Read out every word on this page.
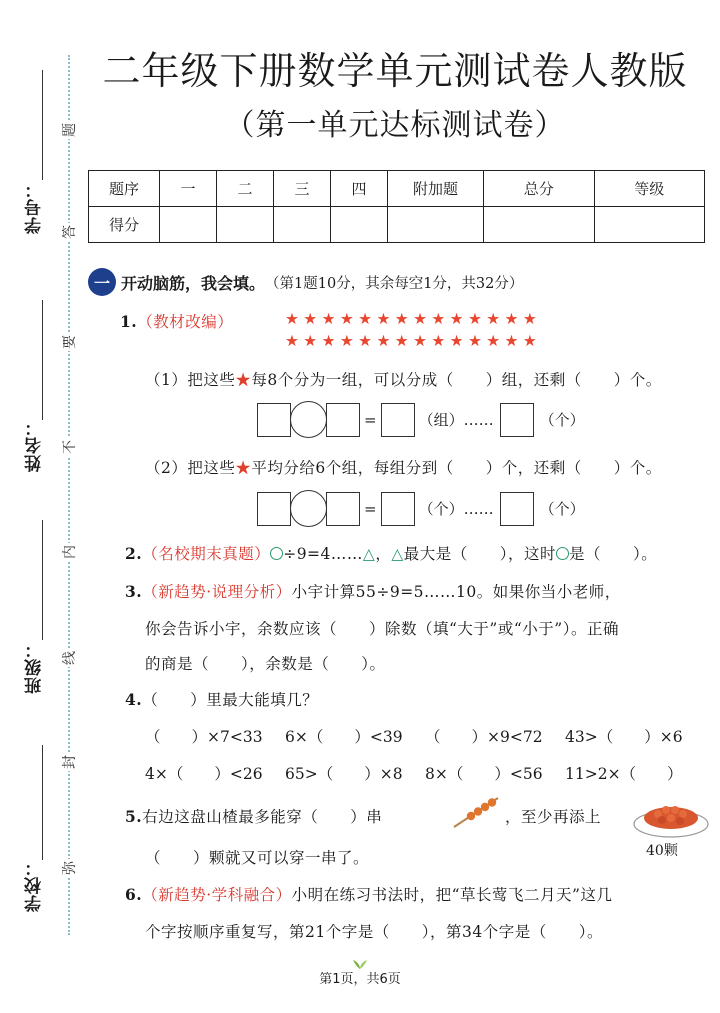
学号：
姓名：
班级：
学校：
题
答
要
不
内
线
封
弥
二年级下册数学单元测试卷人教版
（第一单元达标测试卷）
题序	一	二	三	四	附加题	总分	等级
得分							
一 开动脑筋，我会填。 （第1题10分，其余每空1分，共32分）
1.（教材改编）	★★★★★★★★★★★★★★
★★★★★★★★★★★★★★
（1）把这些★每8个分为一组，可以分成（　　）组，还剩（　　）个。
=	（组）……	（个）
（2）把这些★平均分给6个组，每组分到（　　）个，还剩（　　）个。
=	（个）……	（个）
2.（名校期末真题） ÷9=4……△，△最大是（　　），这时 是（　　）。
3.（新趋势·说理分析）小宇计算55÷9=5……10。如果你当小老师，
你会告诉小宇，余数应该（　　）除数（填“大于”或“小于”）。正确
的商是（　　），余数是（　　）。
4.（　　）里最大能填几？
（　　）×7<33	6×（　　）<39	（　　）×9<72	43>（　　）×6
4×（　　）<26	65>（　　）×8	8×（　　）<56	11>2×（　　）
5.右边这盘山楂最多能穿（　　）串	，至少再添上
（　　）颗就又可以穿一串了。	40颗
6.（新趋势·学科融合）小明在练习书法时，把“草长莺飞二月天”这几
个字按顺序重复写，第21个字是（　　），第34个字是（　　）。
第1页，共6页
